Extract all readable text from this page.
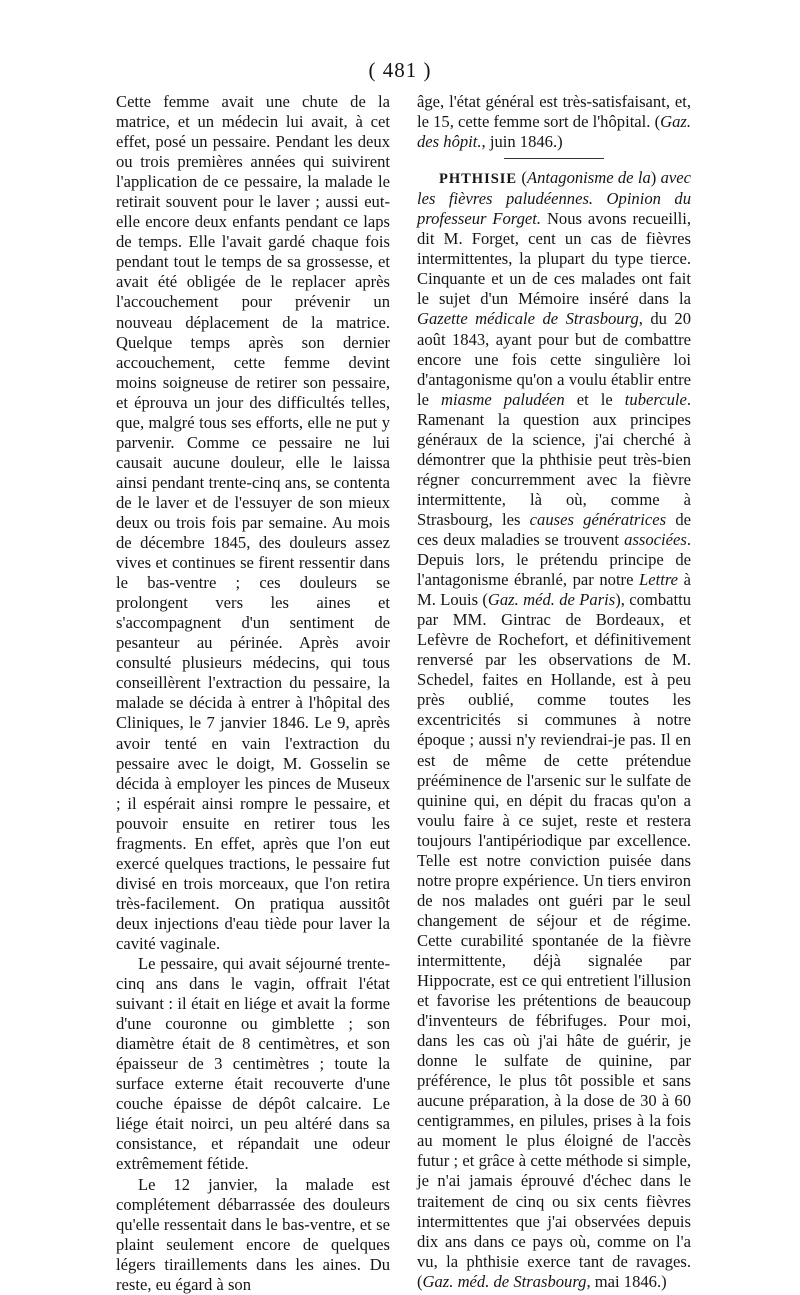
( 481 )

Cette femme avait une chute de la matrice, et un médecin lui avait, à cet effet, posé un pessaire. Pendant les deux ou trois premières années qui suivirent l'application de ce pessaire, la malade le retirait souvent pour le laver ; aussi eut-elle encore deux enfants pendant ce laps de temps. Elle l'avait gardé chaque fois pendant tout le temps de sa grossesse, et avait été obligée de le replacer après l'accouchement pour prévenir un nouveau déplacement de la matrice. Quelque temps après son dernier accouchement, cette femme devint moins soigneuse de retirer son pessaire, et éprouva un jour des difficultés telles, que, malgré tous ses efforts, elle ne put y parvenir. Comme ce pessaire ne lui causait aucune douleur, elle le laissa ainsi pendant trente-cinq ans, se contenta de le laver et de l'essuyer de son mieux deux ou trois fois par semaine. Au mois de décembre 1845, des douleurs assez vives et continues se firent ressentir dans le bas-ventre ; ces douleurs se prolongent vers les aines et s'accompagnent d'un sentiment de pesanteur au périnée. Après avoir consulté plusieurs médecins, qui tous conseillèrent l'extraction du pessaire, la malade se décida à entrer à l'hôpital des Cliniques, le 7 janvier 1846. Le 9, après avoir tenté en vain l'extraction du pessaire avec le doigt, M. Gosselin se décida à employer les pinces de Museux ; il espérait ainsi rompre le pessaire, et pouvoir ensuite en retirer tous les fragments. En effet, après que l'on eut exercé quelques tractions, le pessaire fut divisé en trois morceaux, que l'on retira très-facilement. On pratiqua aussitôt deux injections d'eau tiède pour laver la cavité vaginale.

Le pessaire, qui avait séjourné trente-cinq ans dans le vagin, offrait l'état suivant : il était en liége et avait la forme d'une couronne ou gimblette ; son diamètre était de 8 centimètres, et son épaisseur de 3 centimètres ; toute la surface externe était recouverte d'une couche épaisse de dépôt calcaire. Le liége était noirci, un peu altéré dans sa consistance, et répandait une odeur extrêmement fétide.

Le 12 janvier, la malade est complétement débarrassée des douleurs qu'elle ressentait dans le bas-ventre, et se plaint seulement encore de quelques légers tiraillements dans les aines. Du reste, eu égard à son

âge, l'état général est très-satisfaisant, et, le 15, cette femme sort de l'hôpital. (Gaz. des hôpit., juin 1846.)

PHTHISIE (Antagonisme de la) avec les fièvres paludéennes. Opinion du professeur Forget. Nous avons recueilli, dit M. Forget, cent un cas de fièvres intermittentes, la plupart du type tierce. Cinquante et un de ces malades ont fait le sujet d'un Mémoire inséré dans la Gazette médicale de Strasbourg, du 20 août 1843, ayant pour but de combattre encore une fois cette singulière loi d'antagonisme qu'on a voulu établir entre le miasme paludéen et le tubercule. Ramenant la question aux principes généraux de la science, j'ai cherché à démontrer que la phthisie peut très-bien régner concurremment avec la fièvre intermittente, là où, comme à Strasbourg, les causes génératrices de ces deux maladies se trouvent associées. Depuis lors, le prétendu principe de l'antagonisme ébranlé, par notre Lettre à M. Louis (Gaz. méd. de Paris), combattu par MM. Gintrac de Bordeaux, et Lefèvre de Rochefort, et définitivement renversé par les observations de M. Schedel, faites en Hollande, est à peu près oublié, comme toutes les excentricités si communes à notre époque ; aussi n'y reviendrai-je pas. Il en est de même de cette prétendue prééminence de l'arsenic sur le sulfate de quinine qui, en dépit du fracas qu'on a voulu faire à ce sujet, reste et restera toujours l'antipériodique par excellence. Telle est notre conviction puisée dans notre propre expérience. Un tiers environ de nos malades ont guéri par le seul changement de séjour et de régime. Cette curabilité spontanée de la fièvre intermittente, déjà signalée par Hippocrate, est ce qui entretient l'illusion et favorise les prétentions de beaucoup d'inventeurs de fébrifuges. Pour moi, dans les cas où j'ai hâte de guérir, je donne le sulfate de quinine, par préférence, le plus tôt possible et sans aucune préparation, à la dose de 30 à 60 centigrammes, en pilules, prises à la fois au moment le plus éloigné de l'accès futur ; et grâce à cette méthode si simple, je n'ai jamais éprouvé d'échec dans le traitement de cinq ou six cents fièvres intermittentes que j'ai observées depuis dix ans dans ce pays où, comme on l'a vu, la phthisie exerce tant de ravages. (Gaz. méd. de Strasbourg, mai 1846.)
